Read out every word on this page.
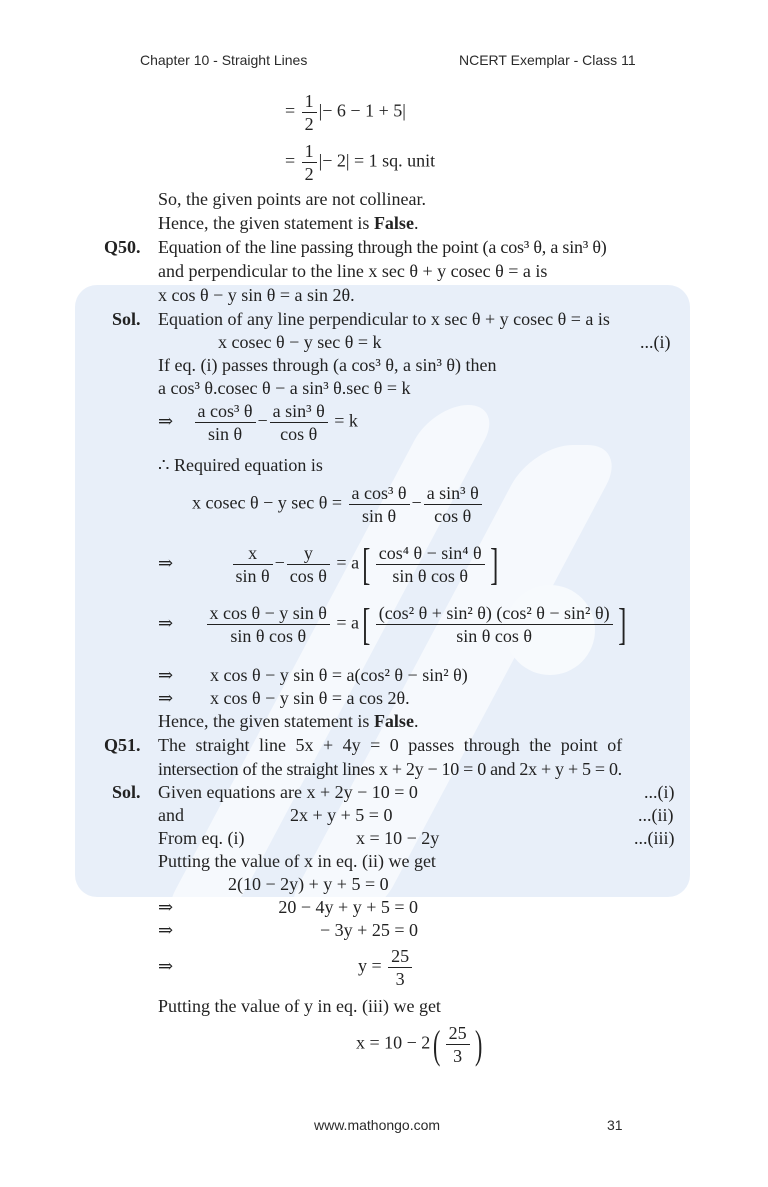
Chapter 10 - Straight Lines	NCERT Exemplar - Class 11
= $\frac{1}{2}$ |− 6 − 1 + 5|
= $\frac{1}{2}$ |− 2| = 1 sq. unit
So, the given points are not collinear.
Hence, the given statement is False.
Q50. Equation of the line passing through the point (a cos³ θ, a sin³ θ)
and perpendicular to the line x sec θ + y cosec θ = a is
x cos θ − y sin θ = a sin 2θ.
Sol. Equation of any line perpendicular to x sec θ + y cosec θ = a is
x cosec θ − y sec θ = k	...(i)
If eq. (i) passes through (a cos³ θ, a sin³ θ) then
a cos³ θ.cosec θ − a sin³ θ.sec θ = k
⇒ $\frac{\text{a cos³ θ}}{\text{sin θ}} - \frac{\text{a sin³ θ}}{\text{cos θ}} = k$
∴ Required equation is
x cosec θ − y $\sec \theta = \frac{\text{a cos³ θ}}{\text{sin θ}} - \frac{\text{a sin³ θ}}{\text{cos θ}}$
⇒	$\frac{x}{\text{sin θ}} - \frac{y}{\text{cos θ}} = a[ \frac{\text{cos⁴ θ − sin⁴ θ}}{\text{sin θ cos θ}}$ ]
⇒ $\frac{\text{x cos θ − y sin θ}}{\text{sin θ cos θ}} = a[ \frac{\text{(cos² θ + sin² θ) (cos² θ − sin² θ)}}{\text{sin θ cos θ}}$ ]
⇒ x cos θ − y sin θ = a(cos² θ − sin² θ)
⇒ x cos θ − y sin θ = a cos 2θ.
Hence, the given statement is False.
Q51. The straight line 5x + 4y = 0 passes through the point of
intersection of the straight lines x + 2y − 10 = 0 and 2x + y + 5 = 0.
Sol. Given equations are x + 2y − 10 = 0	...(i)
and	2x + y + 5 = 0	...(ii)
From eq. (i)	x = 10 − 2y	...(iii)
Putting the value of x in eq. (ii) we get
2(10 − 2y) + y + 5 = 0
⇒	20 − 4y + y + 5 = 0
⇒	− 3y + 25 = 0
⇒	$y = \frac{25}{3}$
Putting the value of y in eq. (iii) we get
$x = 10 - 2( \frac{25}{3}$ )
www.mathongo.com	31
